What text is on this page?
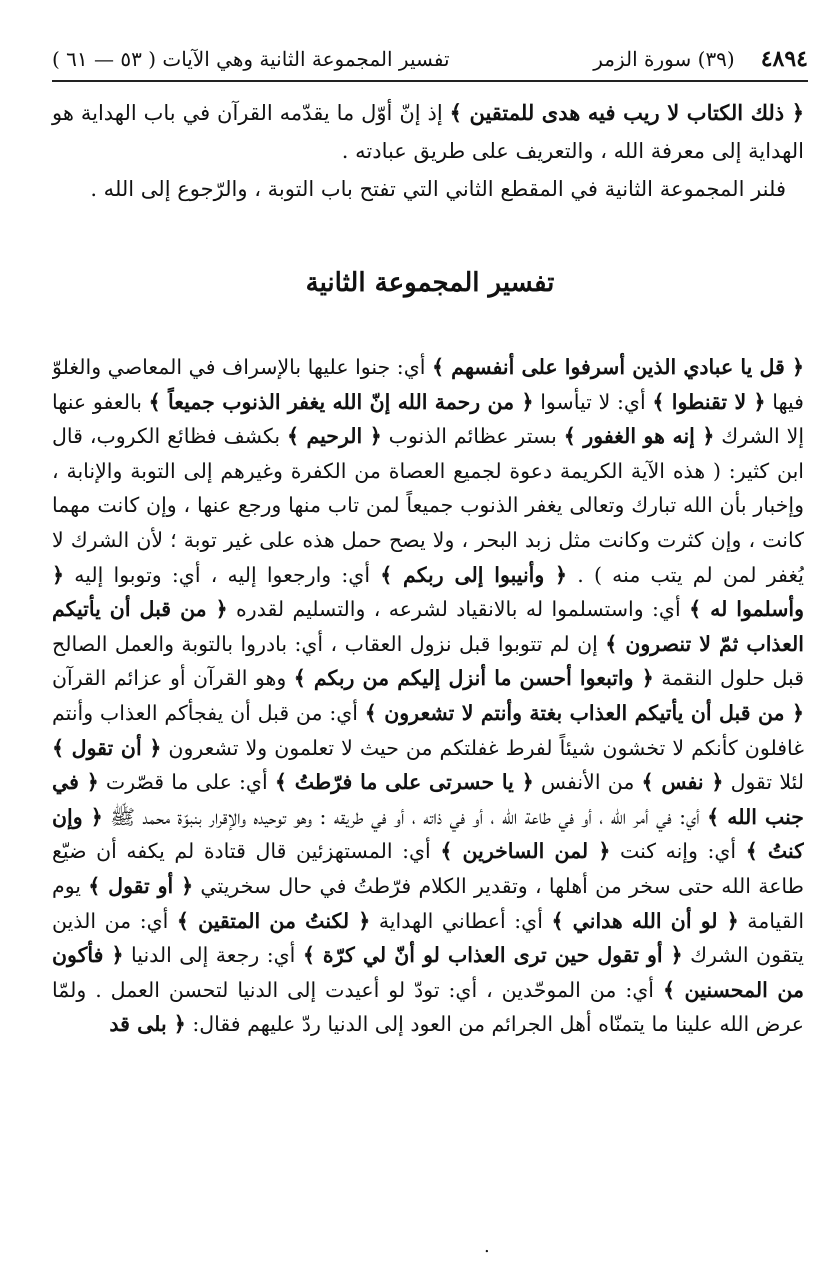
٤٨٩٤
(٣٩) سورة الزمر
تفسير المجموعة الثانية وهي الآيات ( ٥٣ — ٦١ )

﴿ ذلك الكتاب لا ريب فيه هدى للمتقين ﴾ إذ إنّ أوّل ما يقدّمه القرآن في باب الهداية هو الهداية إلى معرفة الله ، والتعريف على طريق عبادته .

فلنر المجموعة الثانية في المقطع الثاني التي تفتح باب التوبة ، والرّجوع إلى الله .

تفسير المجموعة الثانية
﴿ قل يا عبادي الذين أسرفوا على أنفسهم ﴾ أي: جنوا عليها بالإسراف في المعاصي والغلوّ فيها ﴿ لا تقنطوا ﴾ أي: لا تيأسوا ﴿ من رحمة الله إنّ الله يغفر الذنوب جميعاً ﴾ بالعفو عنها إلا الشرك ﴿ إنه هو الغفور ﴾ بستر عظائم الذنوب ﴿ الرحيم ﴾ بكشف فظائع الكروب، قال ابن كثير: ( هذه الآية الكريمة دعوة لجميع العصاة من الكفرة وغيرهم إلى التوبة والإنابة ، وإخبار بأن الله تبارك وتعالى يغفر الذنوب جميعاً لمن تاب منها ورجع عنها ، وإن كانت مهما كانت ، وإن كثرت وكانت مثل زبد البحر ، ولا يصح حمل هذه على غير توبة ؛ لأن الشرك لا يُغفر لمن لم يتب منه ) . ﴿ وأنيبوا إلى ربكم ﴾ أي: وارجعوا إليه ، أي: وتوبوا إليه ﴿ وأسلموا له ﴾ أي: واستسلموا له بالانقياد لشرعه ، والتسليم لقدره ﴿ من قبل أن يأتيكم العذاب ثمّ لا تنصرون ﴾ إن لم تتوبوا قبل نزول العقاب ، أي: بادروا بالتوبة والعمل الصالح قبل حلول النقمة ﴿ واتبعوا أحسن ما أنزل إليكم من ربكم ﴾ وهو القرآن أو عزائم القرآن ﴿ من قبل أن يأتيكم العذاب بغتة وأنتم لا تشعرون ﴾ أي: من قبل أن يفجأكم العذاب وأنتم غافلون كأنكم لا تخشون شيئاً لفرط غفلتكم من حيث لا تعلمون ولا تشعرون ﴿ أن تقول ﴾ لئلا تقول ﴿ نفس ﴾ من الأنفس ﴿ يا حسرتى على ما فرّطتُ ﴾ أي: على ما قصّرت ﴿ في جنب الله ﴾ أي: في أمر الله ، أو في طاعة الله ، أو في ذاته ، أو في طريقه : وهو توحيده والإقرار بنبوّة محمد ﷺ ﴿ وإن كنتُ ﴾ أي: وإنه كنت ﴿ لمن الساخرين ﴾ أي: المستهزئين قال قتادة لم يكفه أن ضيّع طاعة الله حتى سخر من أهلها ، وتقدير الكلام فرّطتُ في حال سخريتي ﴿ أو تقول ﴾ يوم القيامة ﴿ لو أن الله هداني ﴾ أي: أعطاني الهداية ﴿ لكنتُ من المتقين ﴾ أي: من الذين يتقون الشرك ﴿ أو تقول حين ترى العذاب لو أنّ لي كرّة ﴾ أي: رجعة إلى الدنيا ﴿ فأكون من المحسنين ﴾ أي: من الموحّدين ، أي: تودّ لو أعيدت إلى الدنيا لتحسن العمل . ولمّا عرض الله علينا ما يتمنّاه أهل الجرائم من العود إلى الدنيا ردّ عليهم فقال: ﴿ بلى قد
.
